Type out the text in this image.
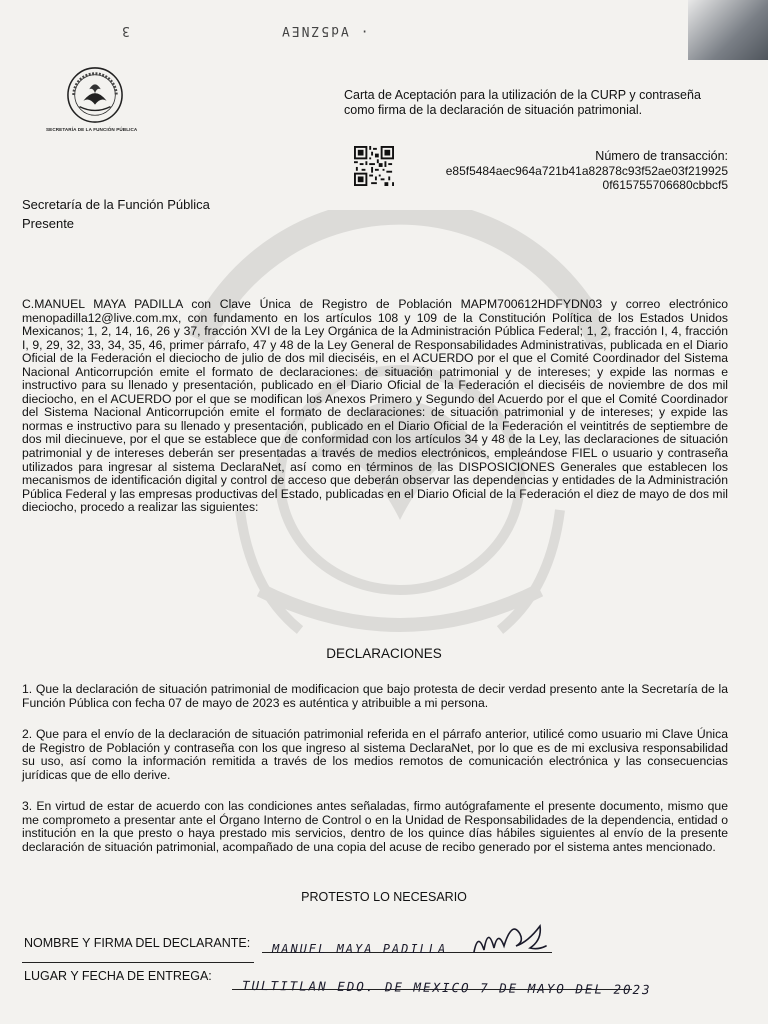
3	· ∀d5ZNE∀
SECRETARÍA DE LA FUNCIÓN PÚBLICA
Carta de Aceptación para la utilización de la CURP y contraseña como firma de la declaración de situación patrimonial.
Número de transacción:
e85f5484aec964a721b41a82878c93f52ae03f219925
0f615755706680cbbcf5
Secretaría de la Función Pública
Presente
C.MANUEL MAYA PADILLA con Clave Única de Registro de Población MAPM700612HDFYDN03 y correo electrónico menopadilla12@live.com.mx, con fundamento en los artículos 108 y 109 de la Constitución Política de los Estados Unidos Mexicanos; 1, 2, 14, 16, 26 y 37, fracción XVI de la Ley Orgánica de la Administración Pública Federal; 1, 2, fracción I, 4, fracción I, 9, 29, 32, 33, 34, 35, 46, primer párrafo, 47 y 48 de la Ley General de Responsabilidades Administrativas, publicada en el Diario Oficial de la Federación el dieciocho de julio de dos mil dieciséis, en el ACUERDO por el que el Comité Coordinador del Sistema Nacional Anticorrupción emite el formato de declaraciones: de situación patrimonial y de intereses; y expide las normas e instructivo para su llenado y presentación, publicado en el Diario Oficial de la Federación el dieciséis de noviembre de dos mil dieciocho, en el ACUERDO por el que se modifican los Anexos Primero y Segundo del Acuerdo por el que el Comité Coordinador del Sistema Nacional Anticorrupción emite el formato de declaraciones: de situación patrimonial y de intereses; y expide las normas e instructivo para su llenado y presentación, publicado en el Diario Oficial de la Federación el veintitrés de septiembre de dos mil diecinueve, por el que se establece que de conformidad con los artículos 34 y 48 de la Ley, las declaraciones de situación patrimonial y de intereses deberán ser presentadas a través de medios electrónicos, empleándose FIEL o usuario y contraseña utilizados para ingresar al sistema DeclaraNet, así como en términos de las DISPOSICIONES Generales que establecen los mecanismos de identificación digital y control de acceso que deberán observar las dependencias y entidades de la Administración Pública Federal y las empresas productivas del Estado, publicadas en el Diario Oficial de la Federación el diez de mayo de dos mil dieciocho, procedo a realizar las siguientes:
DECLARACIONES
1. Que la declaración de situación patrimonial de modificacion que bajo protesta de decir verdad presento ante la Secretaría de la Función Pública con fecha 07 de mayo de 2023 es auténtica y atribuible a mi persona.
2. Que para el envío de la declaración de situación patrimonial referida en el párrafo anterior, utilicé como usuario mi Clave Única de Registro de Población y contraseña con los que ingreso al sistema DeclaraNet, por lo que es de mi exclusiva responsabilidad su uso, así como la información remitida a través de los medios remotos de comunicación electrónica y las consecuencias jurídicas que de ello derive.
3. En virtud de estar de acuerdo con las condiciones antes señaladas, firmo autógrafamente el presente documento, mismo que me comprometo a presentar ante el Órgano Interno de Control o en la Unidad de Responsabilidades de la dependencia, entidad o institución en la que presto o haya prestado mis servicios, dentro de los quince días hábiles siguientes al envío de la presente declaración de situación patrimonial, acompañado de una copia del acuse de recibo generado por el sistema antes mencionado.
PROTESTO LO NECESARIO
NOMBRE Y FIRMA DEL DECLARANTE: MANUEL MAYA PADILLA
LUGAR Y FECHA DE ENTREGA:
TULTITLAN EDO. DE MEXICO 7 DE MAYO DEL 2023
